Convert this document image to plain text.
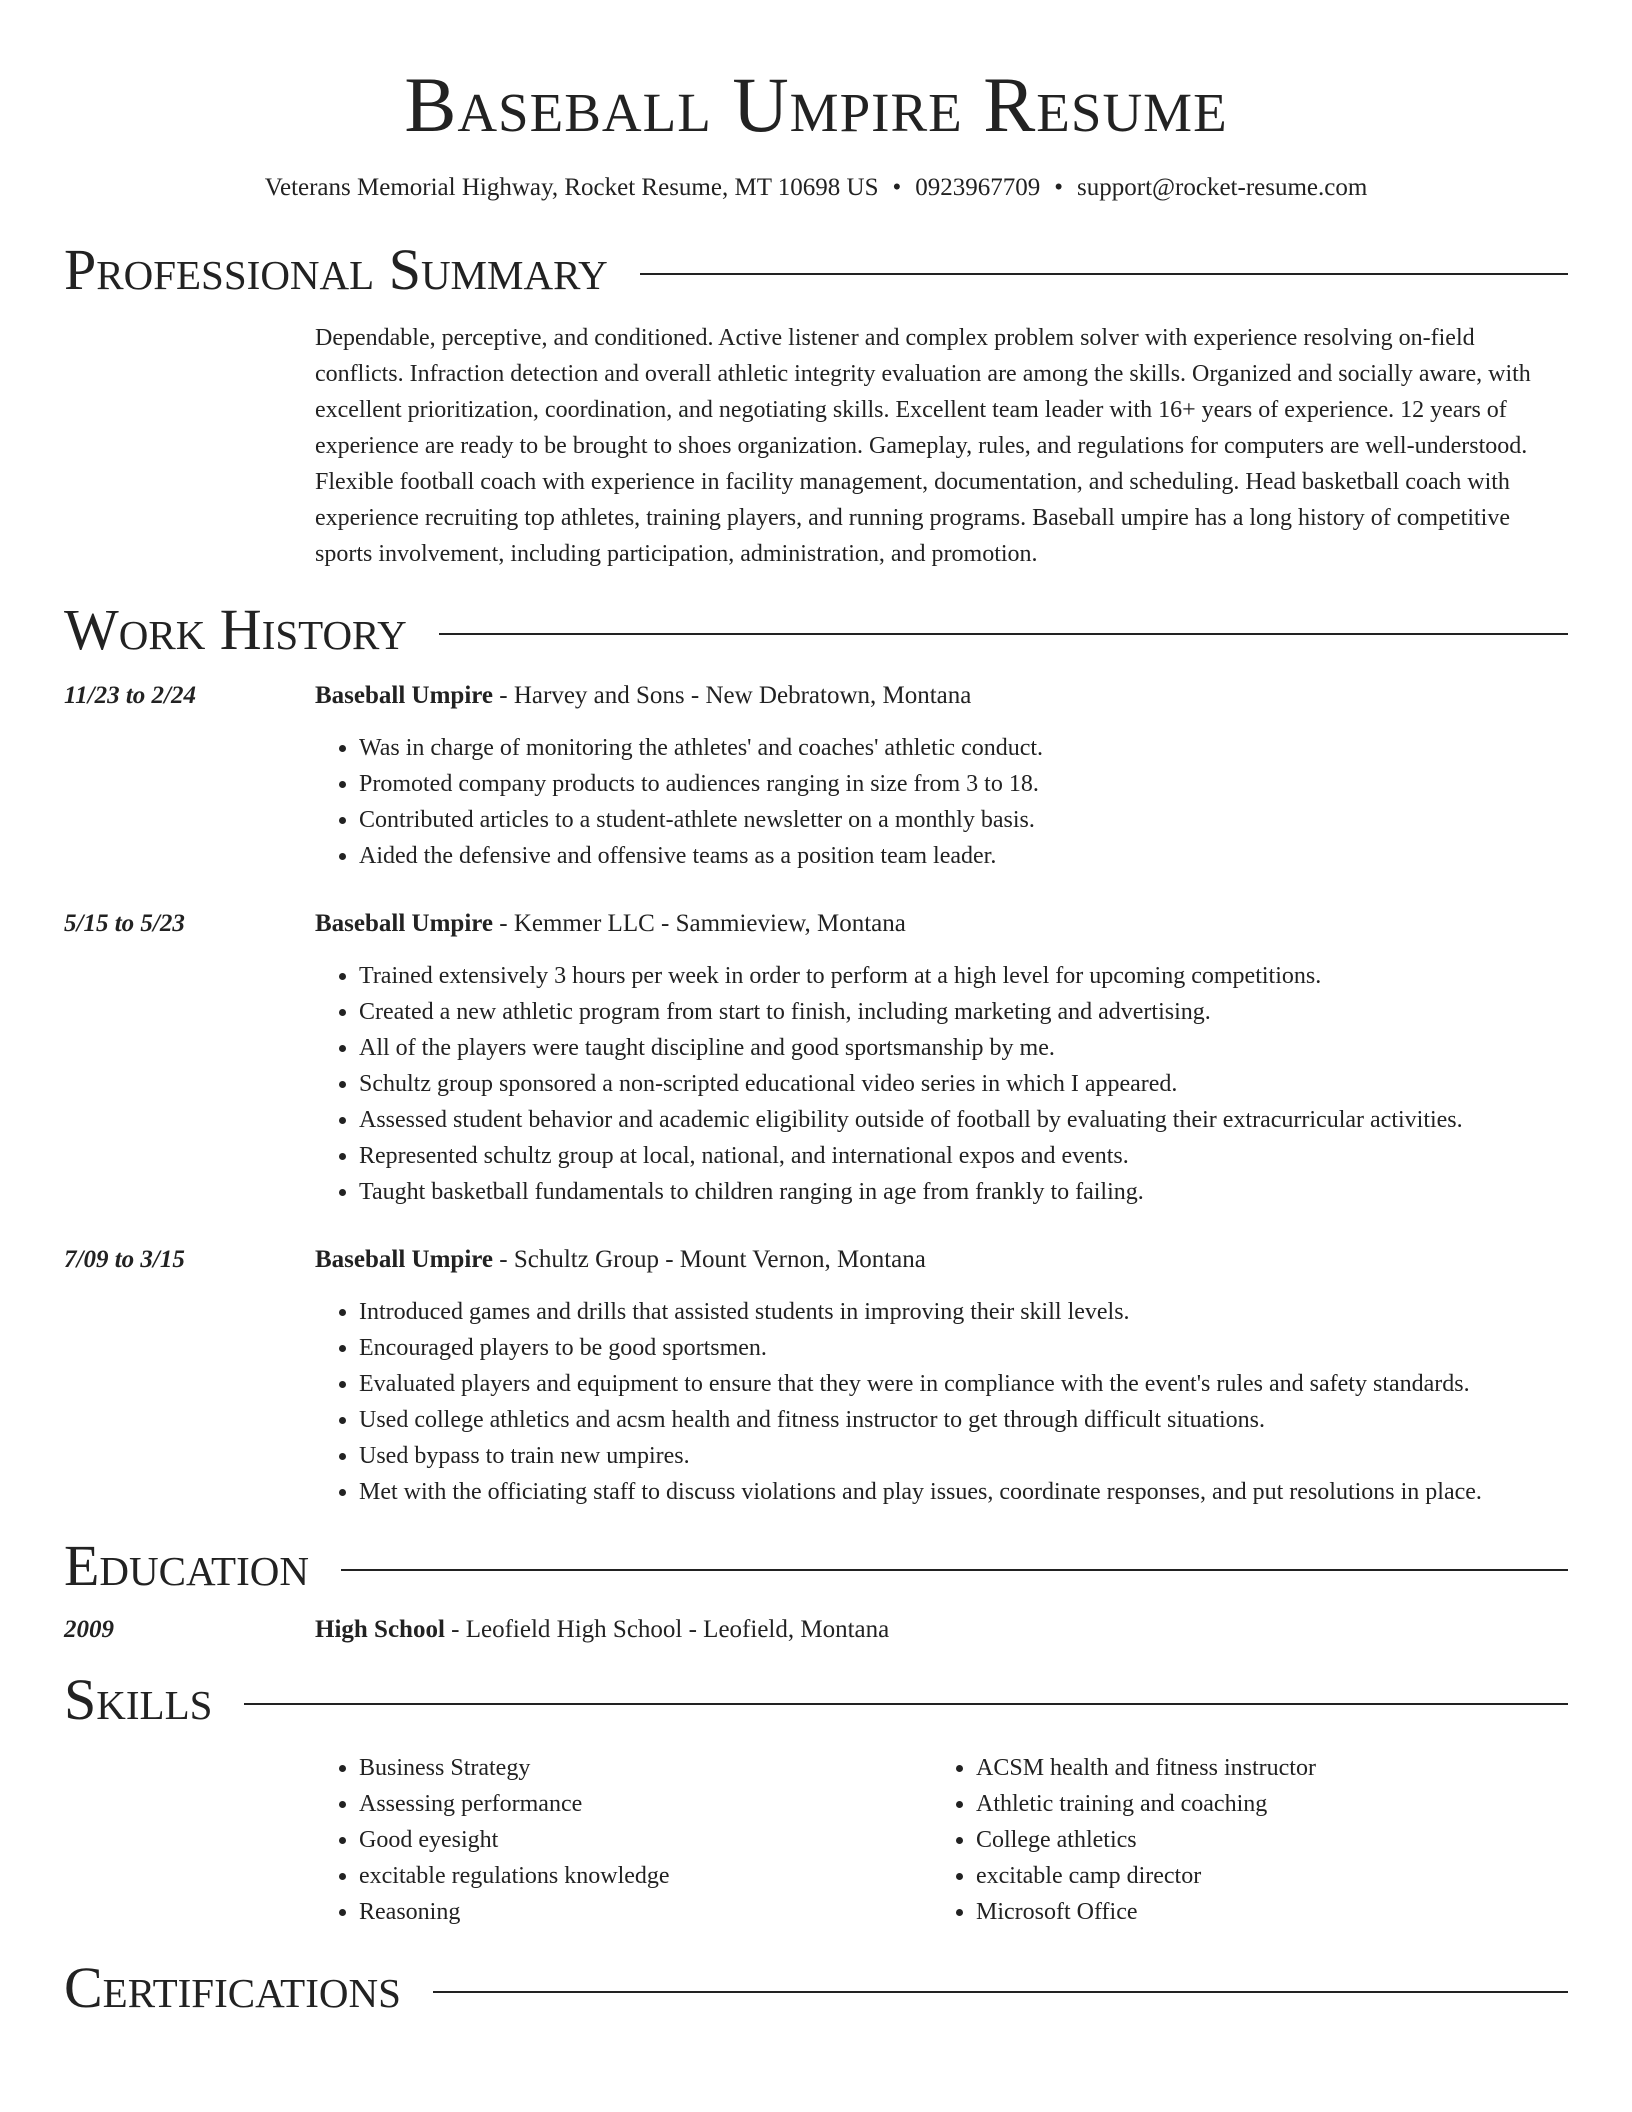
Baseball Umpire Resume
Veterans Memorial Highway, Rocket Resume, MT 10698 US • 0923967709 • support@rocket-resume.com
Professional Summary
Dependable, perceptive, and conditioned. Active listener and complex problem solver with experience resolving on-field conflicts. Infraction detection and overall athletic integrity evaluation are among the skills. Organized and socially aware, with excellent prioritization, coordination, and negotiating skills. Excellent team leader with 16+ years of experience. 12 years of experience are ready to be brought to shoes organization. Gameplay, rules, and regulations for computers are well-understood. Flexible football coach with experience in facility management, documentation, and scheduling. Head basketball coach with experience recruiting top athletes, training players, and running programs. Baseball umpire has a long history of competitive sports involvement, including participation, administration, and promotion.
Work History
11/23 to 2/24	Baseball Umpire - Harvey and Sons - New Debratown, Montana
• Was in charge of monitoring the athletes' and coaches' athletic conduct.
• Promoted company products to audiences ranging in size from 3 to 18.
• Contributed articles to a student-athlete newsletter on a monthly basis.
• Aided the defensive and offensive teams as a position team leader.
5/15 to 5/23	Baseball Umpire - Kemmer LLC - Sammieview, Montana
• Trained extensively 3 hours per week in order to perform at a high level for upcoming competitions.
• Created a new athletic program from start to finish, including marketing and advertising.
• All of the players were taught discipline and good sportsmanship by me.
• Schultz group sponsored a non-scripted educational video series in which I appeared.
• Assessed student behavior and academic eligibility outside of football by evaluating their extracurricular activities.
• Represented schultz group at local, national, and international expos and events.
• Taught basketball fundamentals to children ranging in age from frankly to failing.
7/09 to 3/15	Baseball Umpire - Schultz Group - Mount Vernon, Montana
• Introduced games and drills that assisted students in improving their skill levels.
• Encouraged players to be good sportsmen.
• Evaluated players and equipment to ensure that they were in compliance with the event's rules and safety standards.
• Used college athletics and acsm health and fitness instructor to get through difficult situations.
• Used bypass to train new umpires.
• Met with the officiating staff to discuss violations and play issues, coordinate responses, and put resolutions in place.
Education
2009	High School - Leofield High School - Leofield, Montana
Skills
• Business Strategy
• Assessing performance
• Good eyesight
• excitable regulations knowledge
• Reasoning
• ACSM health and fitness instructor
• Athletic training and coaching
• College athletics
• excitable camp director
• Microsoft Office
Certifications
